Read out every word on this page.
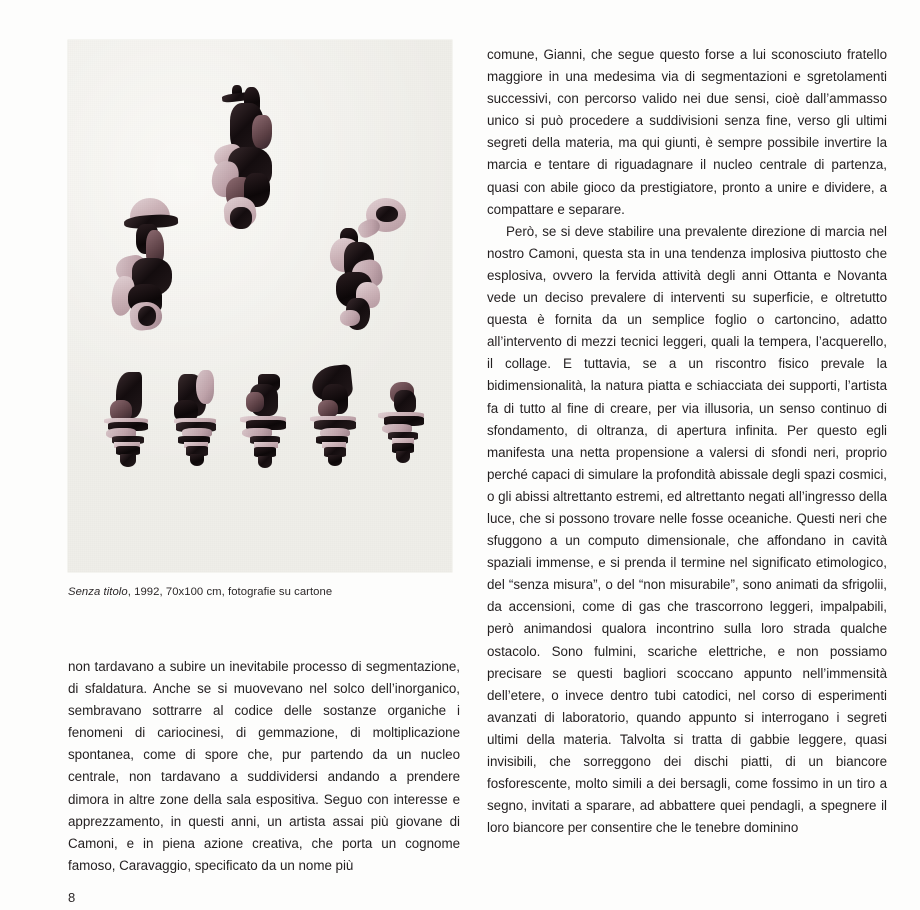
Senza titolo, 1992, 70x100 cm, fotografie su cartone

non tardavano a subire un inevitabile processo di segmentazione, di sfaldatura. Anche se si muovevano nel solco dell’inorganico, sembravano sottrarre al codice delle sostanze organiche i fenomeni di cariocinesi, di gemmazione, di moltiplicazione spontanea, come di spore che, pur partendo da un nucleo centrale, non tardavano a suddividersi andando a prendere dimora in altre zone della sala espositiva. Seguo con interesse e apprezzamento, in questi anni, un artista assai più giovane di Camoni, e in piena azione creativa, che porta un cognome famoso, Caravaggio, specificato da un nome più

8

comune, Gianni, che segue questo forse a lui sconosciuto fratello maggiore in una medesima via di segmentazioni e sgretolamenti successivi, con percorso valido nei due sensi, cioè dall’ammasso unico si può procedere a suddivisioni senza fine, verso gli ultimi segreti della materia, ma qui giunti, è sempre possibile invertire la marcia e tentare di riguadagnare il nucleo centrale di partenza, quasi con abile gioco da prestigiatore, pronto a unire e dividere, a compattare e separare.

Però, se si deve stabilire una prevalente direzione di marcia nel nostro Camoni, questa sta in una tendenza implosiva piuttosto che esplosiva, ovvero la fervida attività degli anni Ottanta e Novanta vede un deciso prevalere di interventi su superficie, e oltretutto questa è fornita da un semplice foglio o cartoncino, adatto all’intervento di mezzi tecnici leggeri, quali la tempera, l’acquerello, il collage. E tuttavia, se a un riscontro fisico prevale la bidimensionalità, la natura piatta e schiacciata dei supporti, l’artista fa di tutto al fine di creare, per via illusoria, un senso continuo di sfondamento, di oltranza, di apertura infinita. Per questo egli manifesta una netta propensione a valersi di sfondi neri, proprio perché capaci di simulare la profondità abissale degli spazi cosmici, o gli abissi altrettanto estremi, ed altrettanto negati all’ingresso della luce, che si possono trovare nelle fosse oceaniche. Questi neri che sfuggono a un computo dimensionale, che affondano in cavità spaziali immense, e si prenda il termine nel significato etimologico, del “senza misura”, o del “non misurabile”, sono animati da sfrigolii, da accensioni, come di gas che trascorrono leggeri, impalpabili, però animandosi qualora incontrino sulla loro strada qualche ostacolo. Sono fulmini, scariche elettriche, e non possiamo precisare se questi bagliori scoccano appunto nell’immensità dell’etere, o invece dentro tubi catodici, nel corso di esperimenti avanzati di laboratorio, quando appunto si interrogano i segreti ultimi della materia. Talvolta si tratta di gabbie leggere, quasi invisibili, che sorreggono dei dischi piatti, di un biancore fosforescente, molto simili a dei bersagli, come fossimo in un tiro a segno, invitati a sparare, ad abbattere quei pendagli, a spegnere il loro biancore per consentire che le tenebre dominino
